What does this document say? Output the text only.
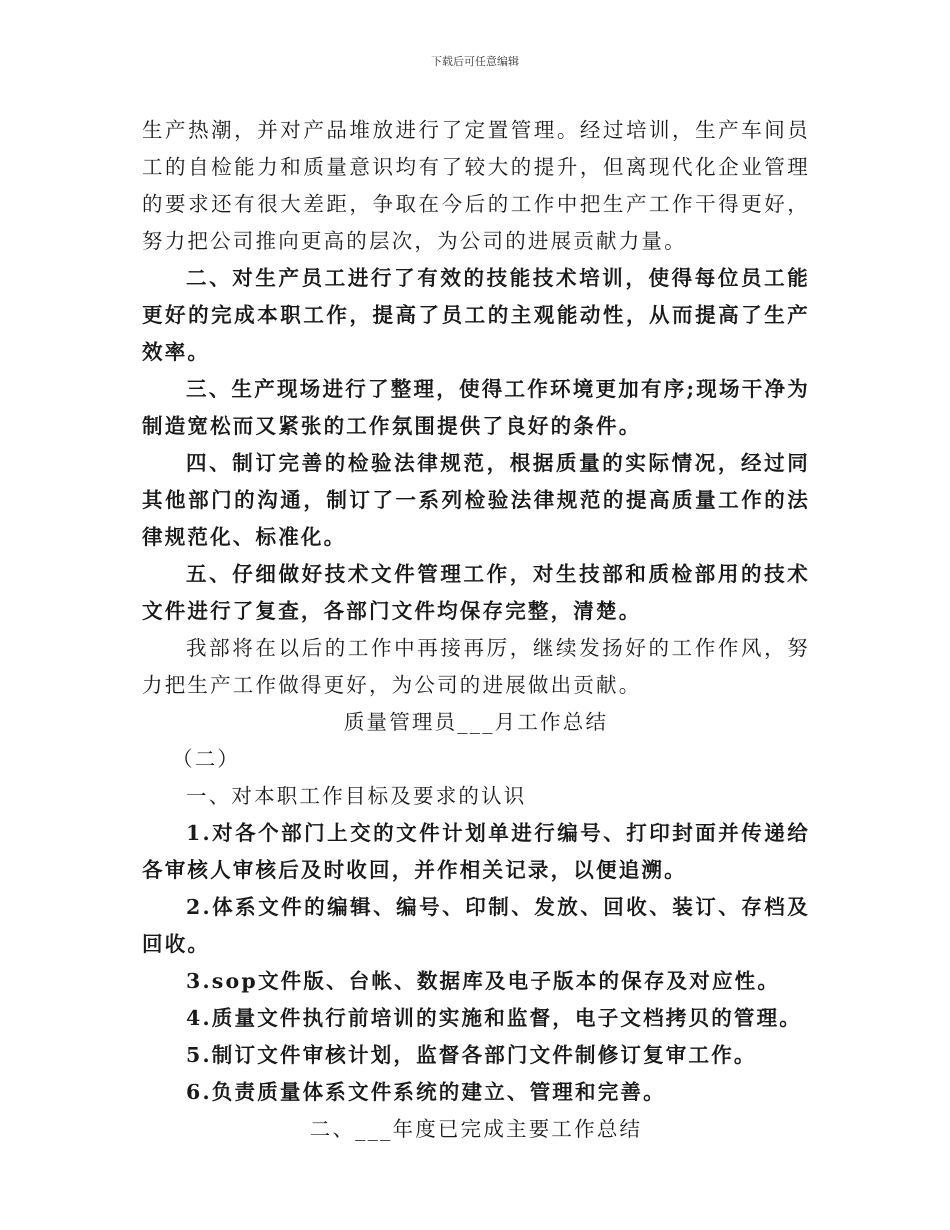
下载后可任意编辑

生产热潮，并对产品堆放进行了定置管理。经过培训，生产车间员工的自检能力和质量意识均有了较大的提升，但离现代化企业管理的要求还有很大差距，争取在今后的工作中把生产工作干得更好，努力把公司推向更高的层次，为公司的进展贡献力量。

二、对生产员工进行了有效的技能技术培训，使得每位员工能更好的完成本职工作，提高了员工的主观能动性，从而提高了生产效率。

三、生产现场进行了整理，使得工作环境更加有序;现场干净为制造宽松而又紧张的工作氛围提供了良好的条件。

四、制订完善的检验法律规范，根据质量的实际情况，经过同其他部门的沟通，制订了一系列检验法律规范的提高质量工作的法律规范化、标准化。

五、仔细做好技术文件管理工作，对生技部和质检部用的技术文件进行了复查，各部门文件均保存完整，清楚。

我部将在以后的工作中再接再厉，继续发扬好的工作作风，努力把生产工作做得更好，为公司的进展做出贡献。

质量管理员___月工作总结

（二）

一、对本职工作目标及要求的认识

1.对各个部门上交的文件计划单进行编号、打印封面并传递给各审核人审核后及时收回，并作相关记录，以便追溯。

2.体系文件的编辑、编号、印制、发放、回收、装订、存档及回收。

3.sop文件版、台帐、数据库及电子版本的保存及对应性。

4.质量文件执行前培训的实施和监督，电子文档拷贝的管理。

5.制订文件审核计划，监督各部门文件制修订复审工作。

6.负责质量体系文件系统的建立、管理和完善。

二、___年度已完成主要工作总结
